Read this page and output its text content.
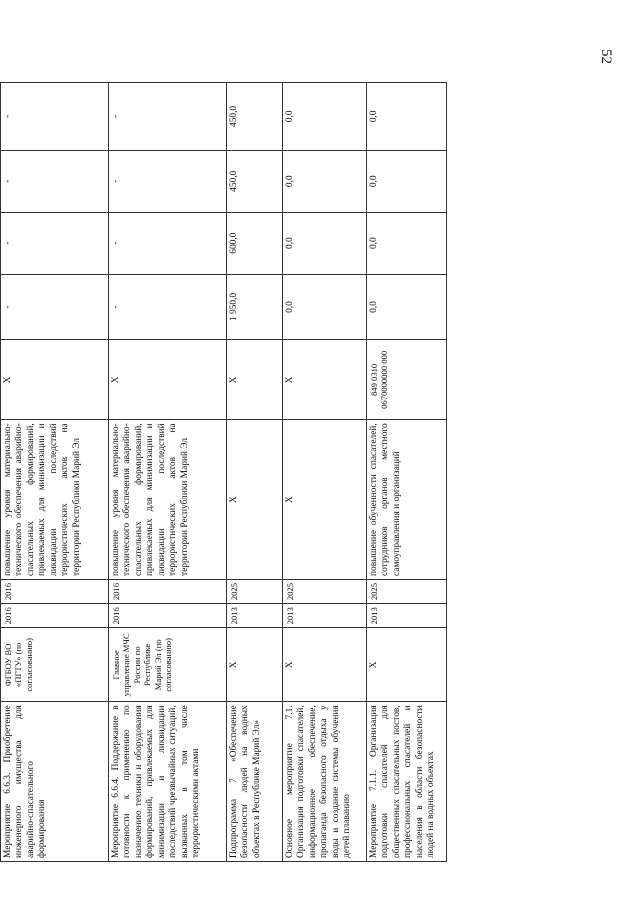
52

Мероприятие 6.6.3. Приобретение инженерного имущества для аварийно-спасательного формирования	ФГБОУ ВО «ПГТУ» (по согласованию)	2016	2016	повышение уровня материально-технического обеспечения аварийно-спасательных формирований, привлекаемых для минимизации и ликвидации последствий террористических актов на территории Республики Марий Эл	X	-	-	-	-
Мероприятие 6.6.4. Поддержание в готовности к применению по назначению техники и оборудования формирований, привлекаемых для минимизации и ликвидации последствий чрезвычайных ситуаций, вызванных в том числе террористическими актами	Главное управление МЧС России по Республике Марий Эл (по согласованию)	2016	2016	повышение уровня материально-технического обеспечения аварийно-спасательных формирований, привлекаемых для минимизации и ликвидации последствий террористических актов на территории Республики Марий Эл	X	-	-	-	-
Подпрограмма 7 «Обеспечение безопасности людей на водных объектах в Республике Марий Эл»	X	2013	2025	X	X	1 950,0	600,0	450,0	450,0
Основное мероприятие 7.1. Организация подготовки спасателей, информационное обеспечение, пропаганда безопасного отдыха у воды и создание системы обучения детей плаванию	X	2013	2025	X	X	0,0	0,0	0,0	0,0
Мероприятие 7.1.1. Организация подготовки спасателей для общественных спасательных постов, профессиональных спасателей и населения в области безопасности людей на водных объектах	X	2013	2025	повышение обученности спасателей, сотрудников органов местного самоуправления и организаций	849 0310 0670000000 000	0,0	0,0	0,0	0,0
